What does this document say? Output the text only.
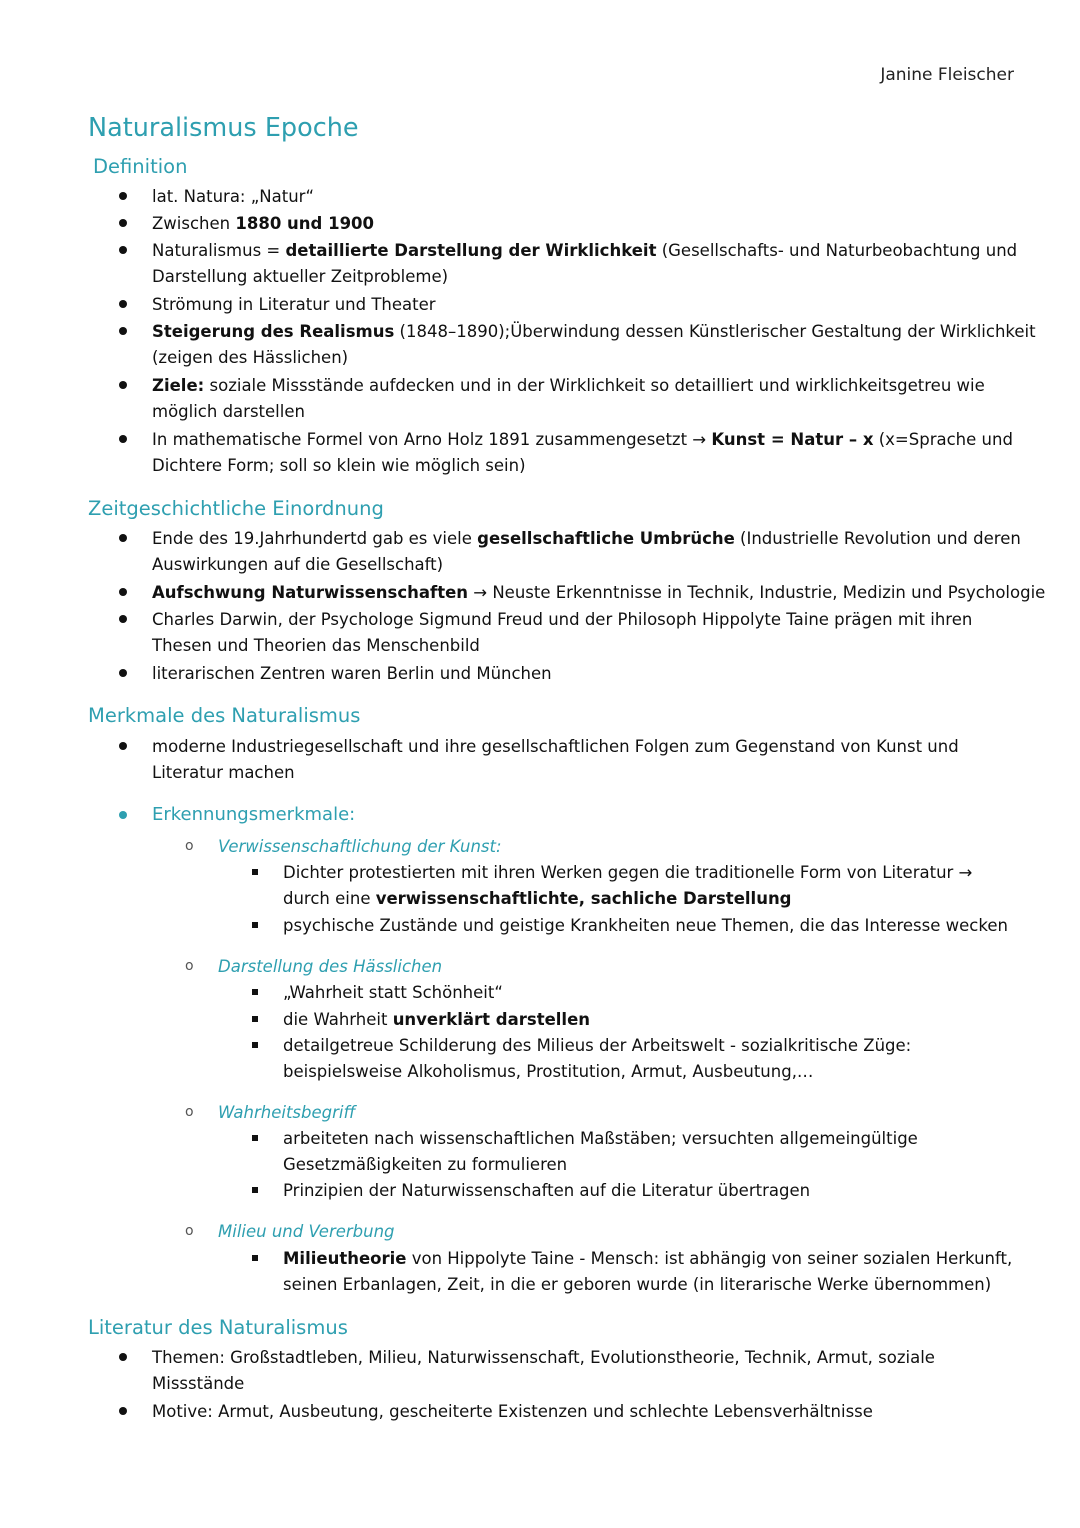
Janine Fleischer
Naturalismus Epoche
Definition
lat. Natura: „Natur“
Zwischen 1880 und 1900
Naturalismus = detaillierte Darstellung der Wirklichkeit (Gesellschafts- und Naturbeobachtung und
Darstellung aktueller Zeitprobleme)
Strömung in Literatur und Theater
Steigerung des Realismus (1848–1890);Überwindung dessen Künstlerischer Gestaltung der Wirklichkeit
(zeigen des Hässlichen)
Ziele: soziale Missstände aufdecken und in der Wirklichkeit so detailliert und wirklichkeitsgetreu wie
möglich darstellen
In mathematische Formel von Arno Holz 1891 zusammengesetzt → Kunst = Natur – x (x=Sprache und
Dichtere Form; soll so klein wie möglich sein)
Zeitgeschichtliche Einordnung
Ende des 19.Jahrhundertd gab es viele gesellschaftliche Umbrüche (Industrielle Revolution und deren
Auswirkungen auf die Gesellschaft)
Aufschwung Naturwissenschaften → Neuste Erkenntnisse in Technik, Industrie, Medizin und Psychologie
Charles Darwin, der Psychologe Sigmund Freud und der Philosoph Hippolyte Taine prägen mit ihren
Thesen und Theorien das Menschenbild
literarischen Zentren waren Berlin und München
Merkmale des Naturalismus
moderne Industriegesellschaft und ihre gesellschaftlichen Folgen zum Gegenstand von Kunst und
Literatur machen
Erkennungsmerkmale:
o Verwissenschaftlichung der Kunst:
Dichter protestierten mit ihren Werken gegen die traditionelle Form von Literatur →
durch eine verwissenschaftlichte, sachliche Darstellung
psychische Zustände und geistige Krankheiten neue Themen, die das Interesse wecken
o Darstellung des Hässlichen
„Wahrheit statt Schönheit“
die Wahrheit unverklärt darstellen
detailgetreue Schilderung des Milieus der Arbeitswelt - sozialkritische Züge:
beispielsweise Alkoholismus, Prostitution, Armut, Ausbeutung,…
o Wahrheitsbegriff
arbeiteten nach wissenschaftlichen Maßstäben; versuchten allgemeingültige
Gesetzmäßigkeiten zu formulieren
Prinzipien der Naturwissenschaften auf die Literatur übertragen
o Milieu und Vererbung
Milieutheorie von Hippolyte Taine - Mensch: ist abhängig von seiner sozialen Herkunft,
seinen Erbanlagen, Zeit, in die er geboren wurde (in literarische Werke übernommen)
Literatur des Naturalismus
Themen: Großstadtleben, Milieu, Naturwissenschaft, Evolutionstheorie, Technik, Armut, soziale
Missstände
Motive: Armut, Ausbeutung, gescheiterte Existenzen und schlechte Lebensverhältnisse
